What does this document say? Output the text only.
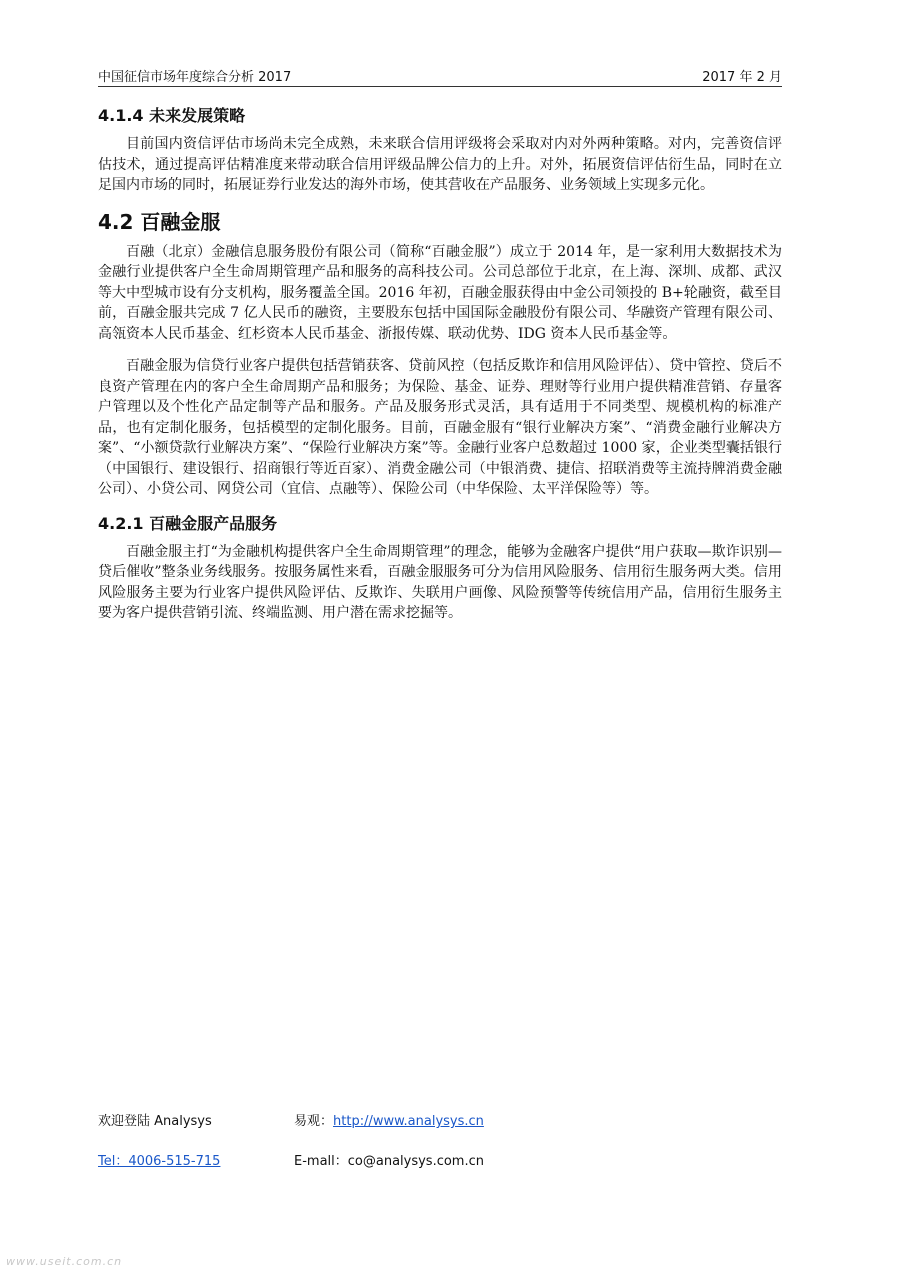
中国征信市场年度综合分析 2017	2017 年 2 月
4.1.4 未来发展策略

目前国内资信评估市场尚未完全成熟，未来联合信用评级将会采取对内对外两种策略。对内，完善资信评估技术，通过提高评估精准度来带动联合信用评级品牌公信力的上升。对外，拓展资信评估衍生品，同时在立足国内市场的同时，拓展证券行业发达的海外市场，使其营收在产品服务、业务领域上实现多元化。

4.2 百融金服

百融（北京）金融信息服务股份有限公司（简称“百融金服”）成立于 2014 年，是一家利用大数据技术为金融行业提供客户全生命周期管理产品和服务的高科技公司。公司总部位于北京，在上海、深圳、成都、武汉等大中型城市设有分支机构，服务覆盖全国。2016 年初，百融金服获得由中金公司领投的 B+轮融资，截至目前，百融金服共完成 7 亿人民币的融资，主要股东包括中国国际金融股份有限公司、华融资产管理有限公司、高瓴资本人民币基金、红杉资本人民币基金、浙报传媒、联动优势、IDG 资本人民币基金等。

百融金服为信贷行业客户提供包括营销获客、贷前风控（包括反欺诈和信用风险评估）、贷中管控、贷后不良资产管理在内的客户全生命周期产品和服务；为保险、基金、证券、理财等行业用户提供精准营销、存量客户管理以及个性化产品定制等产品和服务。产品及服务形式灵活，具有适用于不同类型、规模机构的标准产品，也有定制化服务，包括模型的定制化服务。目前，百融金服有“银行业解决方案”、“消费金融行业解决方案”、“小额贷款行业解决方案”、“保险行业解决方案”等。金融行业客户总数超过 1000 家，企业类型囊括银行（中国银行、建设银行、招商银行等近百家）、消费金融公司（中银消费、捷信、招联消费等主流持牌消费金融公司）、小贷公司、网贷公司（宜信、点融等）、保险公司（中华保险、太平洋保险等）等。

4.2.1 百融金服产品服务

百融金服主打“为金融机构提供客户全生命周期管理”的理念，能够为金融客户提供“用户获取—欺诈识别—贷后催收”整条业务线服务。按服务属性来看，百融金服服务可分为信用风险服务、信用衍生服务两大类。信用风险服务主要为行业客户提供风险评估、反欺诈、失联用户画像、风险预警等传统信用产品，信用衍生服务主要为客户提供营销引流、终端监测、用户潜在需求挖掘等。

欢迎登陆 Analysys	易观：http://www.analysys.cn
Tel：4006-515-715	E-mall：co@analysys.com.cn
www.useit.com.cn
